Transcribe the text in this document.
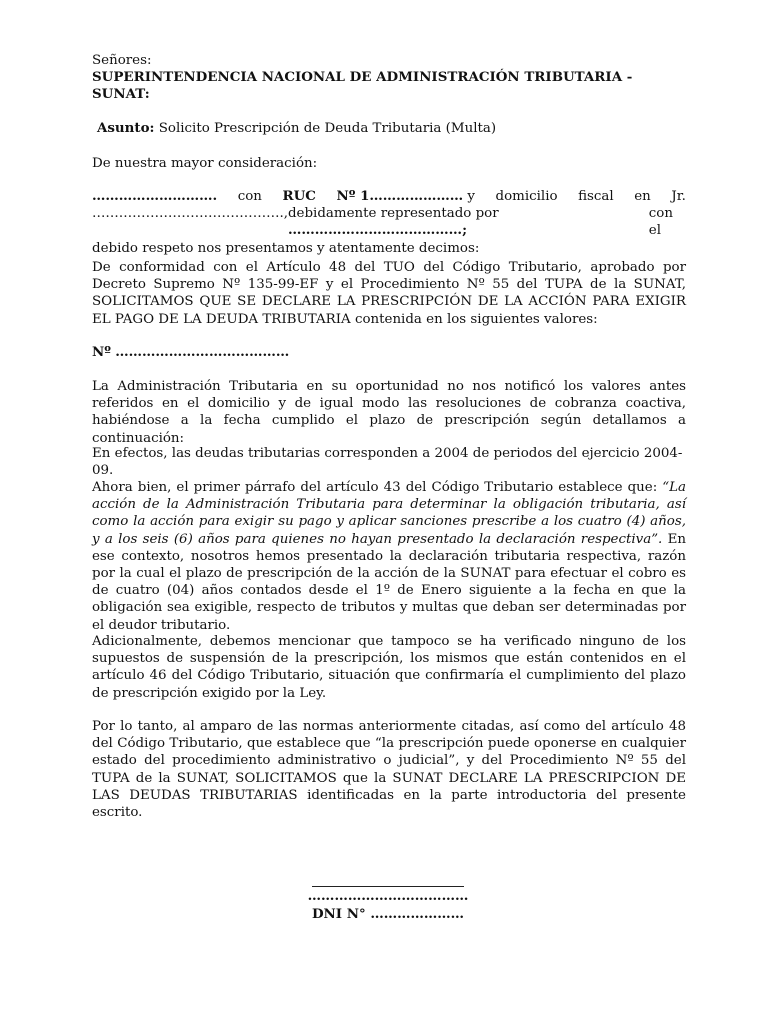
Señores:

SUPERINTENDENCIA NACIONAL DE ADMINISTRACIÓN TRIBUTARIA - SUNAT:

Asunto: Solicito Prescripción de Deuda Tributaria (Multa)

De nuestra mayor consideración:

………………………. con RUC Nº 1………………… y domicilio fiscal en Jr.
……………………………………., debidamente representado por …………………………………;
con el
debido respeto nos presentamos y atentamente decimos:

De conformidad con el Artículo 48 del TUO del Código Tributario, aprobado por Decreto Supremo Nº 135-99-EF y el Procedimiento Nº 55 del TUPA de la SUNAT, SOLICITAMOS QUE SE DECLARE LA PRESCRIPCIÓN DE LA ACCIÓN PARA EXIGIR EL PAGO DE LA DEUDA TRIBUTARIA contenida en los siguientes valores:

Nº …………………………………

La Administración Tributaria en su oportunidad no nos notificó los valores antes referidos en el domicilio y de igual modo las resoluciones de cobranza coactiva, habiéndose a la fecha cumplido el plazo de prescripción según detallamos a continuación:

En efectos, las deudas tributarias corresponden a 2004 de periodos del ejercicio 2004-09.

Ahora bien, el primer párrafo del artículo 43 del Código Tributario establece que: “La acción de la Administración Tributaria para determinar la obligación tributaria, así como la acción para exigir su pago y aplicar sanciones prescribe a los cuatro (4) años, y a los seis (6) años para quienes no hayan presentado la declaración respectiva”. En ese contexto, nosotros hemos presentado la declaración tributaria respectiva, razón por la cual el plazo de prescripción de la acción de la SUNAT para efectuar el cobro es de cuatro (04) años contados desde el 1º de Enero siguiente a la fecha en que la obligación sea exigible, respecto de tributos y multas que deban ser determinadas por el deudor tributario.

Adicionalmente, debemos mencionar que tampoco se ha verificado ninguno de los supuestos de suspensión de la prescripción, los mismos que están contenidos en el artículo 46 del Código Tributario, situación que confirmaría el cumplimiento del plazo de prescripción exigido por la Ley.

Por lo tanto, al amparo de las normas anteriormente citadas, así como del artículo 48 del Código Tributario, que establece que “la prescripción puede oponerse en cualquier estado del procedimiento administrativo o judicial”, y del Procedimiento Nº 55 del TUPA de la SUNAT, SOLICITAMOS que la SUNAT DECLARE LA PRESCRIPCION DE LAS DEUDAS TRIBUTARIAS identificadas en la parte introductoria del presente escrito.

………………………………
DNI N° …………………
